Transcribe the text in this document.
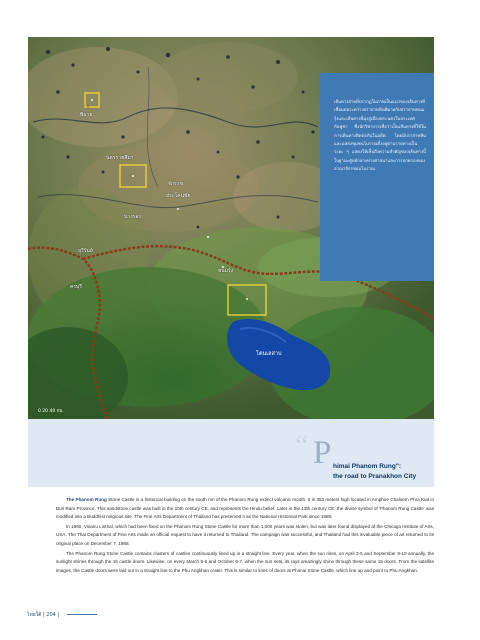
พิมาย
นครราชสีมา
จักราช
ประโคนชัย
นางรอง
บุรีรัมย์
ครบุรี
พนมรุ้ง
โตนเลสาบ
0 20 40 กม.

เส้นทางสายที่ปรากฏในภาพเป็นแนวของเส้นทางที่เชื่อมต่อระหว่างปราสาทหินพิมายกับปราสาทพนมรุ้งและเส้นทางที่มุ่งสู่เมืองพระนครในประเทศกัมพูชา ซึ่งนักวิชาการเชื่อว่าเป็นเส้นทางที่ใช้ในการเดินทางติดต่อกันในอดีต โดยมีปราสาทหินและแหล่งชุมชนโบราณตั้งอยู่ตามรายทางเป็นระยะ ๆ แสดงให้เห็นถึงความสำคัญของเส้นทางนี้ในฐานะศูนย์กลางทางศาสนาและการปกครองของอาณาจักรขอมโบราณ

“ P himai Phanom Rung":
the road to Pranakhon City

The Phanom Rung Stone Castle is a historical building on the south rim of the Phanom Rung extinct volcanic mouth. It is 383 meters high located in Amphoe Chaloem Phra Kiat in Buri Ram Province. This sandstone castle was built in the 10th century CE, and represents the Hindu belief. Later in the 13th century CE, the divine symbol of 'Phanom Rung Castle' was modified into a Buddhist religious site. The Fine Arts Department of Thailand has preserved it as the National Historical Park since 1988.

In 1960, Visanu Linthal, which had been fixed on the Phanom Rung Stone Castle for more than 1,000 years was stolen, but was later found displayed at the Chicago Institute of Arts, USA. The Thai Department of Fine Arts made an official request to have it returned to Thailand. The campaign was successful, and Thailand had this invaluable piece of art returned to its original place on December 7, 1988.

The Phanom Rung Stone Castle contains clusters of castles continuously lined up in a straight line. Every year, when the sun rises, on April 3-5 and September 8-10 annually, the sunlight shines through the 15 castle doors. Likewise, on every March 5-6 and October 6-7, when the sun sets, its rays amazingly shine through these same 15 doors. From the satellite images, the Castle doors were laid out in a straight line to the Phu Angkhan crater. This is similar to lines of doors at Phimai Stone Castle, which line up and point to Phu Angkhan.

ไทยใต้ | 204 |
